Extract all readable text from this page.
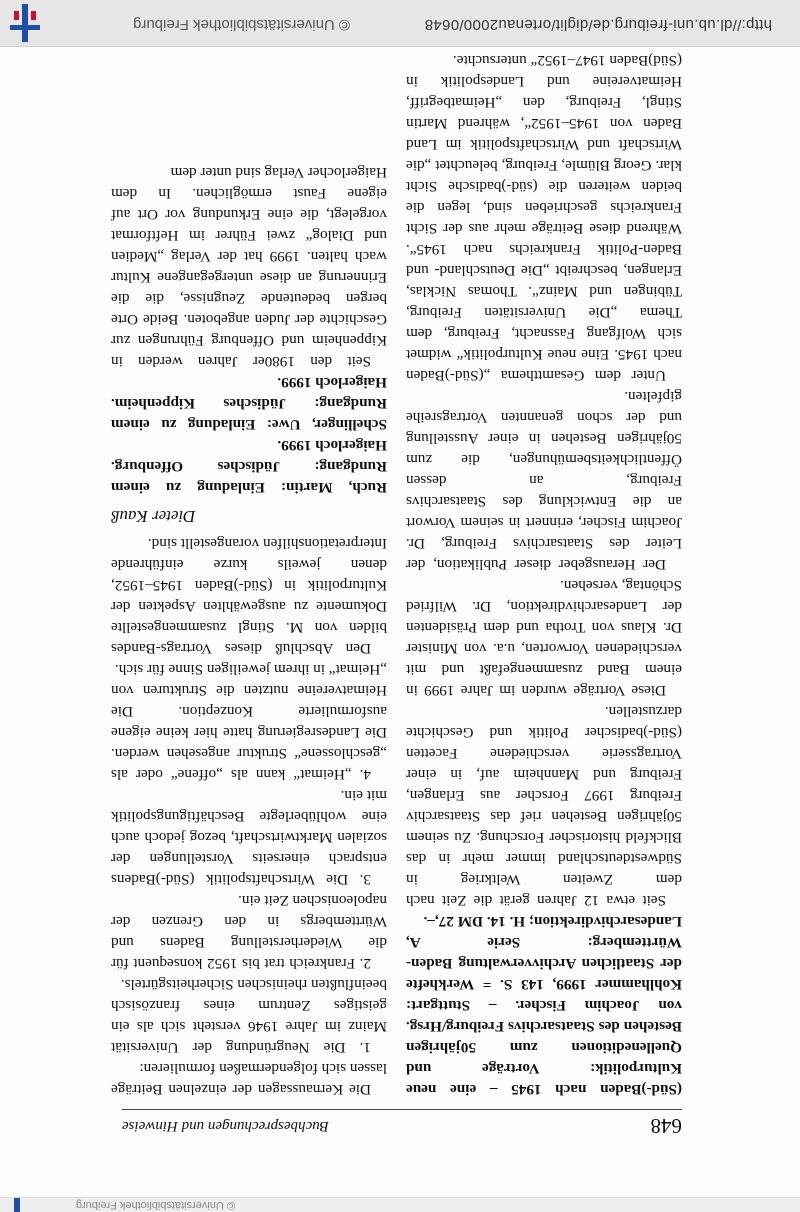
© Universitätsbibliothek Freiburg
648
Buchbesprechungen und Hinweise

(Süd-)Baden nach 1945 – eine neue Kulturpolitik: Vorträge und Quelleneditionen zum 50jährigen Bestehen des Staatsarchivs Freiburg/Hrsg. von Joachim Fischer. – Stuttgart: Kohlhammer 1999, 143 S. = Werkhefte der Staatlichen Archivverwaltung Baden-Württemberg: Serie A, Landesarchivdirektion; H. 14. DM 27,–.

Seit etwa 12 Jahren gerät die Zeit nach dem Zweiten Weltkrieg in Südwestdeutschland immer mehr in das Blickfeld historischer Forschung. Zu seinem 50jährigen Bestehen rief das Staatsarchiv Freiburg 1997 Forscher aus Erlangen, Freiburg und Mannheim auf, in einer Vortragsserie verschiedene Facetten (Süd-)badischer Politik und Geschichte darzustellen.

Diese Vorträge wurden im Jahre 1999 in einem Band zusammengefaßt und mit verschiedenen Vorworten, u.a. von Minister Dr. Klaus von Trotha und dem Präsidenten der Landesarchivdirektion, Dr. Wilfried Schöntag, versehen.

Der Herausgeber dieser Publikation, der Leiter des Staatsarchivs Freiburg, Dr. Joachim Fischer, erinnert in seinem Vorwort an die Entwicklung des Staatsarchivs Freiburg, an dessen Öffentlichkeitsbemühungen, die zum 50jährigen Bestehen in einer Ausstellung und der schon genannten Vortragsreihe gipfelten.

Unter dem Gesamtthema „(Süd-)Baden nach 1945. Eine neue Kulturpolitik“ widmet sich Wolfgang Fassnacht, Freiburg, dem Thema „Die Universitäten Freiburg, Tübingen und Mainz“. Thomas Nicklas, Erlangen, beschreibt „Die Deutschland- und Baden-Politik Frankreichs nach 1945“. Während diese Beiträge mehr aus der Sicht Frankreichs geschrieben sind, legen die beiden weiteren die (süd-)badische Sicht klar. Georg Blümle, Freiburg, beleuchtet „die Wirtschaft und Wirtschaftspolitik im Land Baden von 1945–1952“, während Martin Stingl, Freiburg, den „Heimatbegriff, Heimatvereine und Landespolitik in (Süd)Baden 1947–1952“ untersuchte.

Die Kernaussagen der einzelnen Beiträge lassen sich folgendermaßen formulieren:

1. Die Neugründung der Universität Mainz im Jahre 1946 versteht sich als ein geistiges Zentrum eines französisch beeinflußten rheinischen Sicherheitsgürtels.

2. Frankreich trat bis 1952 konsequent für die Wiederherstellung Badens und Württembergs in den Grenzen der napoleonischen Zeit ein.

3. Die Wirtschaftspolitik (Süd-)Badens entsprach einerseits Vorstellungen der sozialen Marktwirtschaft, bezog jedoch auch eine wohlüberlegte Beschäftigungspolitik mit ein.

4. „Heimat“ kann als „offene“ oder als „geschlossene“ Struktur angesehen werden. Die Landesregierung hatte hier keine eigene ausformulierte Konzeption. Die Heimatvereine nutzten die Strukturen von „Heimat“ in ihrem jeweiligen Sinne für sich.

Den Abschluß dieses Vortrags-Bandes bilden von M. Stingl zusammengestellte Dokumente zu ausgewählten Aspekten der Kulturpolitik in (Süd-)Baden 1945–1952, denen jeweils kurze einführende Interpretationshilfen vorangestellt sind.

Dieter Kauß

Ruch, Martin: Einladung zu einem Rundgang: Jüdisches Offenburg. Haigerloch 1999.

Schellinger, Uwe: Einladung zu einem Rundgang: Jüdisches Kippenheim. Haigerloch 1999.

Seit den 1980er Jahren werden in Kippenheim und Offenburg Führungen zur Geschichte der Juden angeboten. Beide Orte bergen bedeutende Zeugnisse, die die Erinnerung an diese untergegangene Kultur wach halten. 1999 hat der Verlag „Medien und Dialog“ zwei Führer im Heftformat vorgelegt, die eine Erkundung vor Ort auf eigene Faust ermöglichen. In dem Haigerlocher Verlag sind unter dem

http://dl.ub.uni-freiburg.de/diglit/ortenau2000/0648
© Universitätsbibliothek Freiburg
